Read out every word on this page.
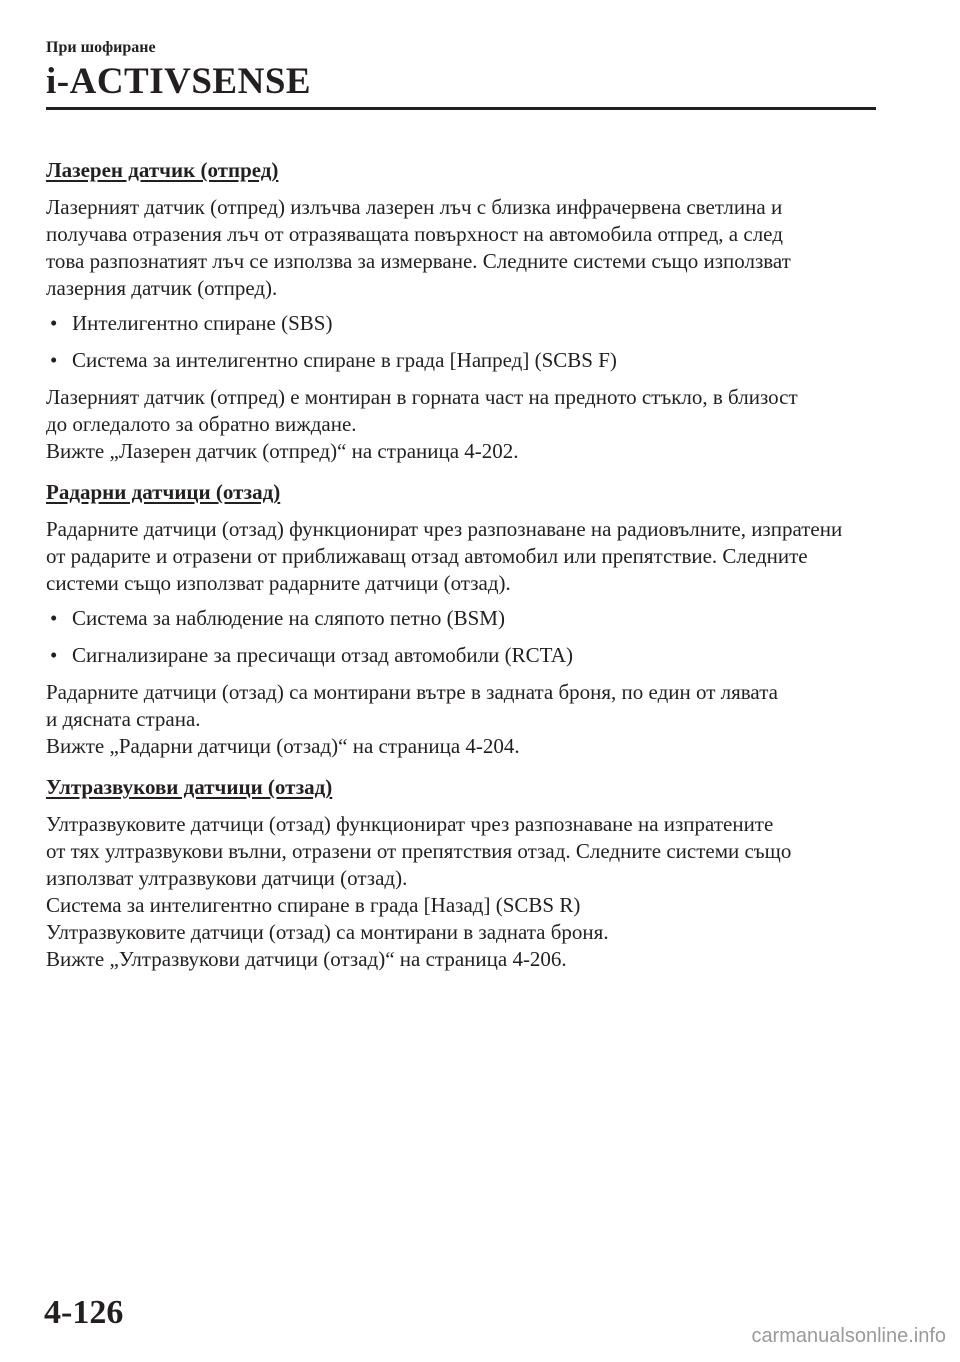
При шофиране
i-ACTIVSENSE
Лазерен датчик (отпред)
Лазерният датчик (отпред) излъчва лазерен лъч с близка инфрачервена светлина и
получава отразения лъч от отразяващата повърхност на автомобила отпред, а след
това разпознатият лъч се използва за измерване. Следните системи също използват
лазерния датчик (отпред).
• Интелигентно спиране (SBS)
• Система за интелигентно спиране в града [Напред] (SCBS F)
Лазерният датчик (отпред) е монтиран в горната част на предното стъкло, в близост
до огледалото за обратно виждане.
Вижте „Лазерен датчик (отпред)“ на страница 4-202.
Радарни датчици (отзад)
Радарните датчици (отзад) функционират чрез разпознаване на радиовълните, изпратени
от радарите и отразени от приближаващ отзад автомобил или препятствие. Следните
системи също използват радарните датчици (отзад).
• Система за наблюдение на сляпото петно (BSM)
• Сигнализиране за пресичащи отзад автомобили (RCTA)
Радарните датчици (отзад) са монтирани вътре в задната броня, по един от лявата
и дясната страна.
Вижте „Радарни датчици (отзад)“ на страница 4-204.
Ултразвукови датчици (отзад)
Ултразвуковите датчици (отзад) функционират чрез разпознаване на изпратените
от тях ултразвукови вълни, отразени от препятствия отзад. Следните системи също
използват ултразвукови датчици (отзад).
Система за интелигентно спиране в града [Назад] (SCBS R)
Ултразвуковите датчици (отзад) са монтирани в задната броня.
Вижте „Ултразвукови датчици (отзад)“ на страница 4-206.
4-126
carmanualsonline.info
